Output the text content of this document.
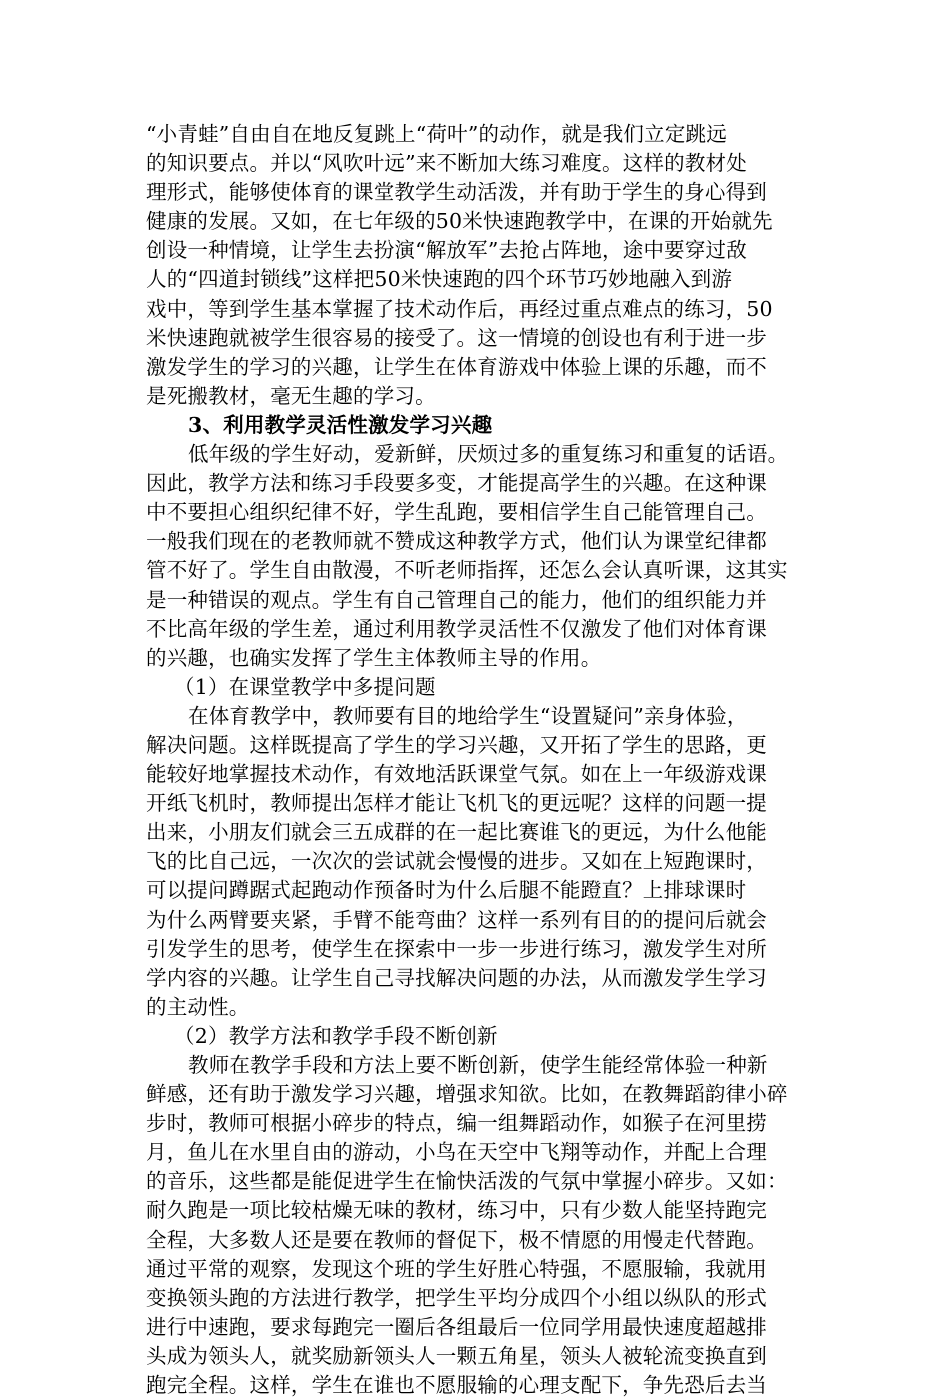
“小青蛙”自由自在地反复跳上“荷叶”的动作，就是我们立定跳远
的知识要点。并以“风吹叶远”来不断加大练习难度。这样的教材处
理形式，能够使体育的课堂教学生动活泼，并有助于学生的身心得到
健康的发展。又如，在七年级的50米快速跑教学中，在课的开始就先
创设一种情境，让学生去扮演“解放军”去抢占阵地，途中要穿过敌
人的“四道封锁线”这样把50米快速跑的四个环节巧妙地融入到游
戏中，等到学生基本掌握了技术动作后，再经过重点难点的练习，50
米快速跑就被学生很容易的接受了。这一情境的创设也有利于进一步
激发学生的学习的兴趣，让学生在体育游戏中体验上课的乐趣，而不
是死搬教材，毫无生趣的学习。
3、利用教学灵活性激发学习兴趣
低年级的学生好动，爱新鲜，厌烦过多的重复练习和重复的话语。
因此，教学方法和练习手段要多变，才能提高学生的兴趣。在这种课
中不要担心组织纪律不好，学生乱跑，要相信学生自己能管理自己。
一般我们现在的老教师就不赞成这种教学方式，他们认为课堂纪律都
管不好了。学生自由散漫，不听老师指挥，还怎么会认真听课，这其实
是一种错误的观点。学生有自己管理自己的能力，他们的组织能力并
不比高年级的学生差，通过利用教学灵活性不仅激发了他们对体育课
的兴趣，也确实发挥了学生主体教师主导的作用。
（1）在课堂教学中多提问题
在体育教学中，教师要有目的地给学生“设置疑问”亲身体验，
解决问题。这样既提高了学生的学习兴趣，又开拓了学生的思路，更
能较好地掌握技术动作，有效地活跃课堂气氛。如在上一年级游戏课
开纸飞机时，教师提出怎样才能让飞机飞的更远呢？这样的问题一提
出来，小朋友们就会三五成群的在一起比赛谁飞的更远，为什么他能
飞的比自己远，一次次的尝试就会慢慢的进步。又如在上短跑课时，
可以提问蹲踞式起跑动作预备时为什么后腿不能蹬直？上排球课时
为什么两臂要夹紧，手臂不能弯曲？这样一系列有目的的提问后就会
引发学生的思考，使学生在探索中一步一步进行练习，激发学生对所
学内容的兴趣。让学生自己寻找解决问题的办法，从而激发学生学习
的主动性。
（2）教学方法和教学手段不断创新
教师在教学手段和方法上要不断创新，使学生能经常体验一种新
鲜感，还有助于激发学习兴趣，增强求知欲。比如，在教舞蹈韵律小碎
步时，教师可根据小碎步的特点，编一组舞蹈动作，如猴子在河里捞
月，鱼儿在水里自由的游动，小鸟在天空中飞翔等动作，并配上合理
的音乐，这些都是能促进学生在愉快活泼的气氛中掌握小碎步。又如：
耐久跑是一项比较枯燥无味的教材，练习中，只有少数人能坚持跑完
全程，大多数人还是要在教师的督促下，极不情愿的用慢走代替跑。
通过平常的观察，发现这个班的学生好胜心特强，不愿服输，我就用
变换领头跑的方法进行教学，把学生平均分成四个小组以纵队的形式
进行中速跑，要求每跑完一圈后各组最后一位同学用最快速度超越排
头成为领头人，就奖励新领头人一颗五角星，领头人被轮流变换直到
跑完全程。这样，学生在谁也不愿服输的心理支配下，争先恐后去当
